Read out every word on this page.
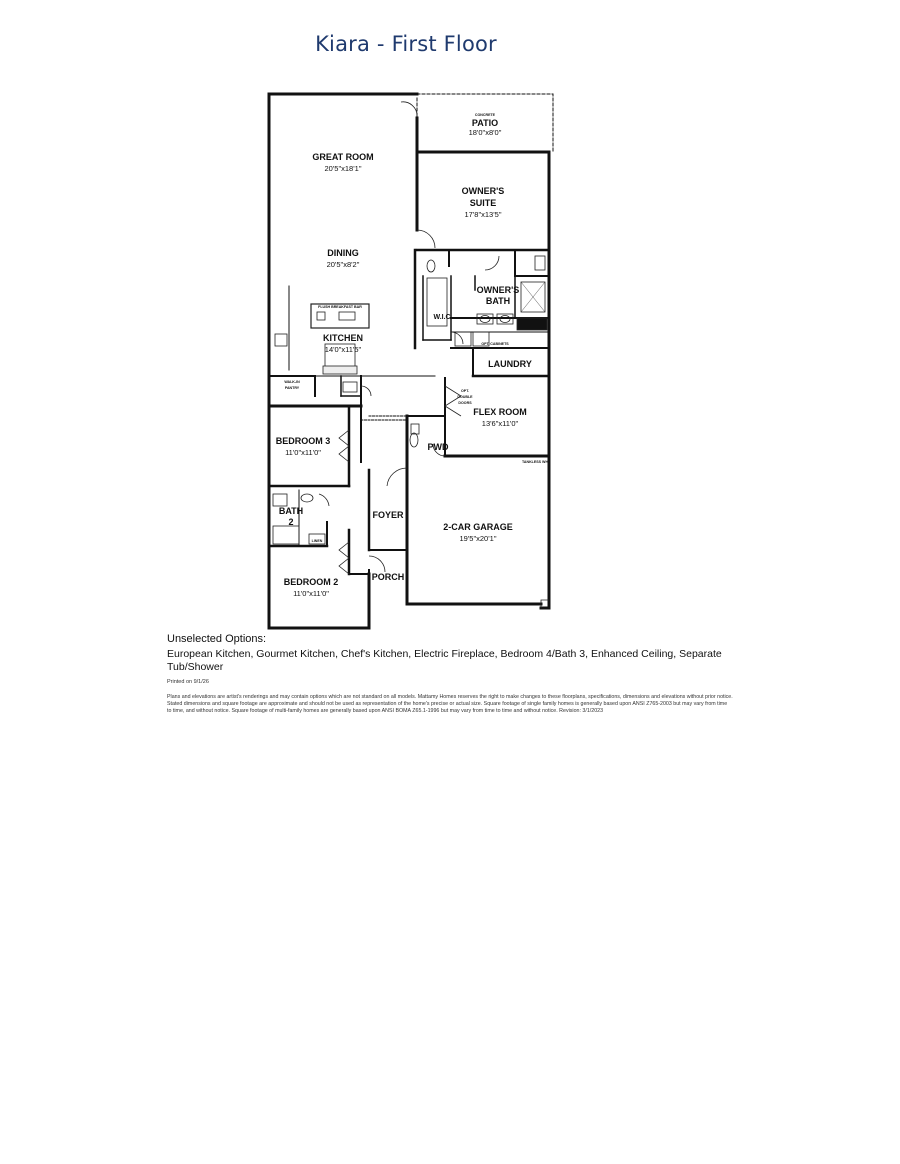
Kiara - First Floor
CONCRETE
PATIO
18'0"x8'0"
GREAT ROOM
20'5"x18'1"
OWNER'S
SUITE
17'8"x13'5"
DINING
20'5"x8'2"
OWNER'S
BATH
W.I.C.
FLUSH BREAKFAST BAR
KITCHEN
14'0"x11'5"
WALK-IN
PANTRY
OPT. CABINETS
LAUNDRY
OPT.
DOUBLE
DOORS
FLEX ROOM
13'6"x11'0"
BEDROOM 3
11'0"x11'0"
PWD
TANKLESS WH
BATH
2
LINEN
FOYER
2-CAR GARAGE
19'5"x20'1"
BEDROOM 2
11'0"x11'0"
PORCH
Unselected Options:
European Kitchen, Gourmet Kitchen, Chef's Kitchen, Electric Fireplace, Bedroom 4/Bath 3, Enhanced Ceiling, Separate Tub/Shower
Printed on 9/1/26
Plans and elevations are artist's renderings and may contain options which are not standard on all models. Mattamy Homes reserves the right to make changes to these floorplans, specifications, dimensions and elevations without prior notice. Stated dimensions and square footage are approximate and should not be used as representation of the home's precise or actual size. Square footage of single family homes is generally based upon ANSI Z765-2003 but may vary from time to time, and without notice. Square footage of multi-family homes are generally based upon ANSI BOMA Z65.1-1996 but may vary from time to time and without notice. Revision: 3/1/2023
